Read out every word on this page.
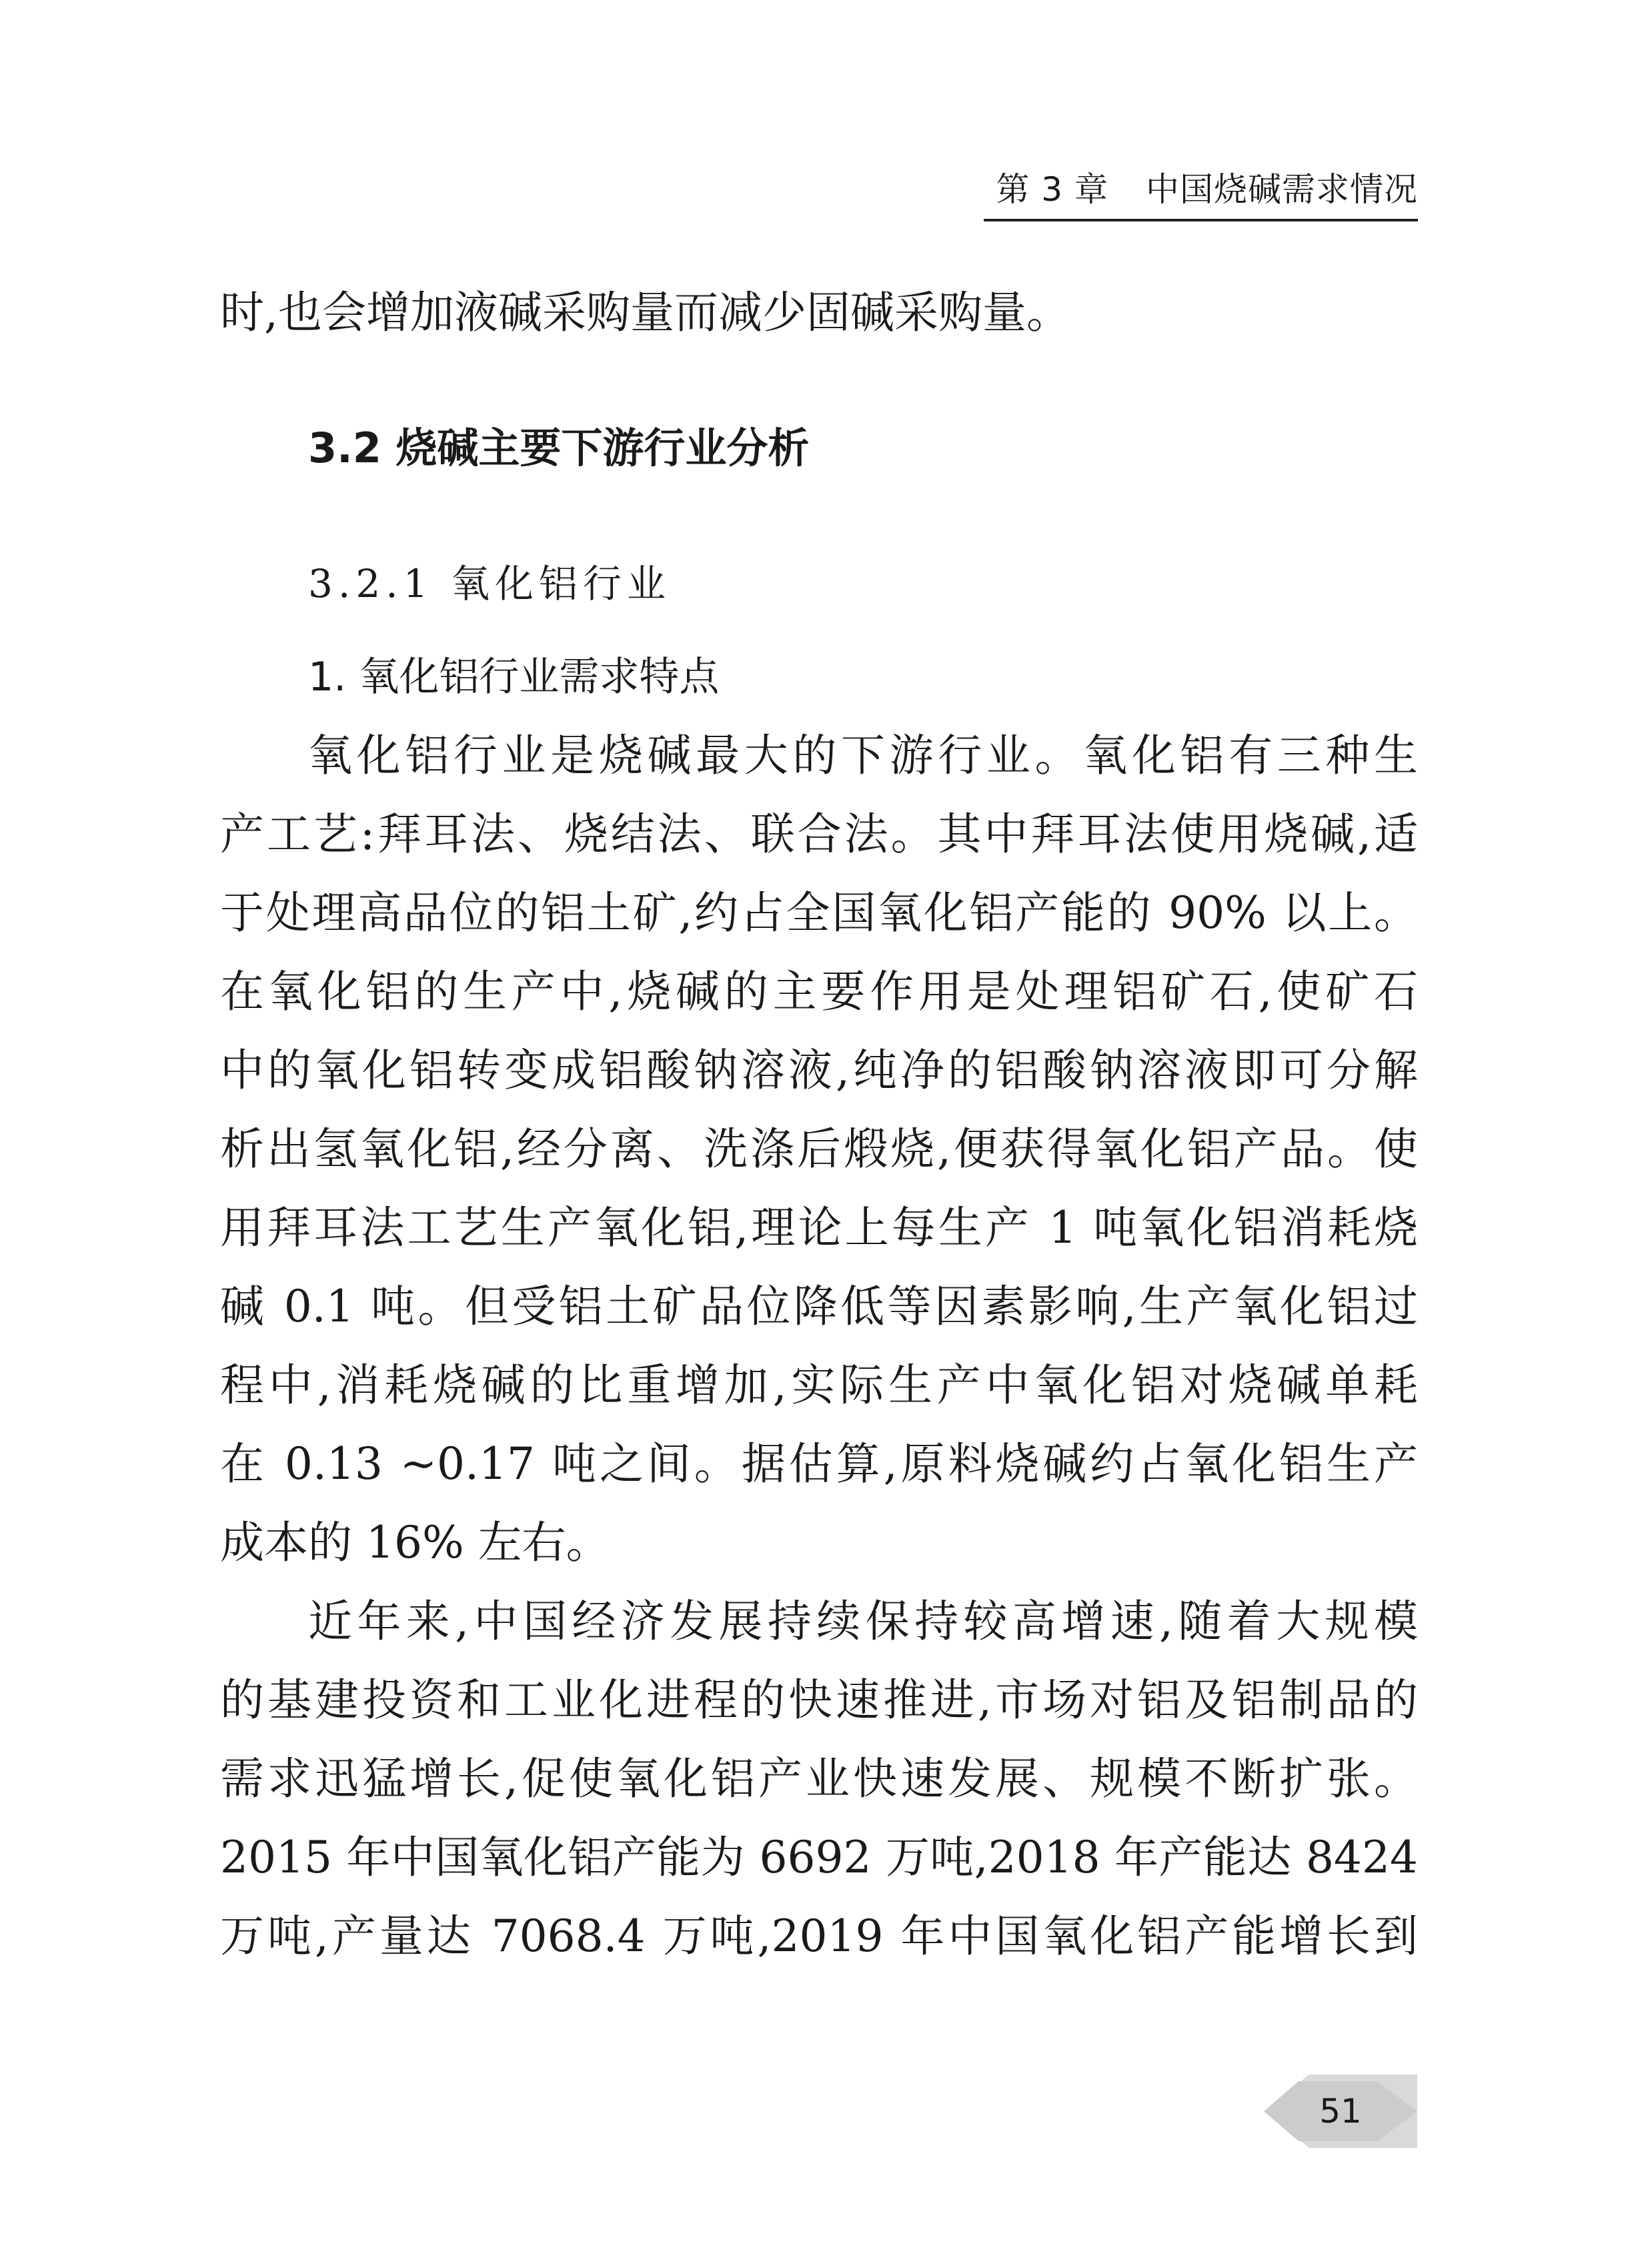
第 3 章 中国烧碱需求情况
时,也会增加液碱采购量而减少固碱采购量。
3.2 烧碱主要下游行业分析
3.2.1 氧化铝行业
1. 氧化铝行业需求特点
氧化铝行业是烧碱最大的下游行业。氧化铝有三种生
产工艺:拜耳法、烧结法、联合法。其中拜耳法使用烧碱,适
于处理高品位的铝土矿,约占全国氧化铝产能的 90% 以上。
在氧化铝的生产中,烧碱的主要作用是处理铝矿石,使矿石
中的氧化铝转变成铝酸钠溶液,纯净的铝酸钠溶液即可分解
析出氢氧化铝,经分离、洗涤后煅烧,便获得氧化铝产品。使
用拜耳法工艺生产氧化铝,理论上每生产 1 吨氧化铝消耗烧
碱 0.1 吨。但受铝土矿品位降低等因素影响,生产氧化铝过
程中,消耗烧碱的比重增加,实际生产中氧化铝对烧碱单耗
在 0.13 ~0.17 吨之间。据估算,原料烧碱约占氧化铝生产
成本的 16% 左右。
近年来,中国经济发展持续保持较高增速,随着大规模
的基建投资和工业化进程的快速推进,市场对铝及铝制品的
需求迅猛增长,促使氧化铝产业快速发展、规模不断扩张。
2015 年中国氧化铝产能为 6692 万吨,2018 年产能达 8424
万吨,产量达 7068.4 万吨,2019 年中国氧化铝产能增长到
51
